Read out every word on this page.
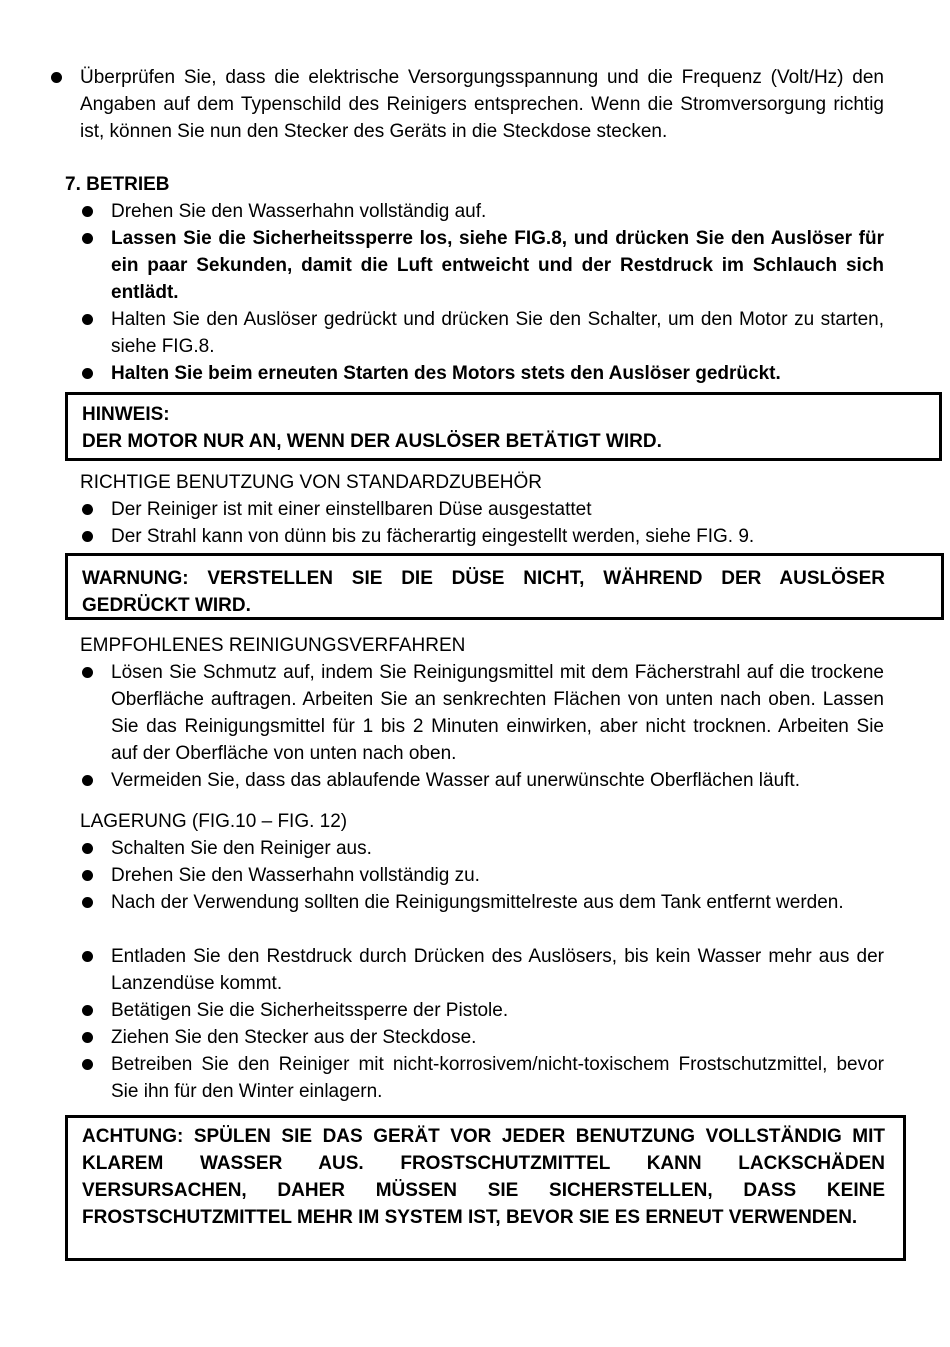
Überprüfen Sie, dass die elektrische Versorgungsspannung und die Frequenz (Volt/Hz) den Angaben auf dem Typenschild des Reinigers entsprechen. Wenn die Stromversorgung richtig ist, können Sie nun den Stecker des Geräts in die Steckdose stecken.
7. BETRIEB
Drehen Sie den Wasserhahn vollständig auf.
Lassen Sie die Sicherheitssperre los, siehe FIG.8, und drücken Sie den Auslöser für ein paar Sekunden, damit die Luft entweicht und der Restdruck im Schlauch sich entlädt.
Halten Sie den Auslöser gedrückt und drücken Sie den Schalter, um den Motor zu starten, siehe FIG.8.
Halten Sie beim erneuten Starten des Motors stets den Auslöser gedrückt.

HINWEIS:

DER MOTOR NUR AN, WENN DER AUSLÖSER BETÄTIGT WIRD.

RICHTIGE BENUTZUNG VON STANDARDZUBEHÖR
Der Reiniger ist mit einer einstellbaren Düse ausgestattet
Der Strahl kann von dünn bis zu fächerartig eingestellt werden, siehe FIG. 9.

WARNUNG: VERSTELLEN SIE DIE DÜSE NICHT, WÄHREND DER AUSLÖSER GEDRÜCKT WIRD.

EMPFOHLENES REINIGUNGSVERFAHREN
Lösen Sie Schmutz auf, indem Sie Reinigungsmittel mit dem Fächerstrahl auf die trockene Oberfläche auftragen. Arbeiten Sie an senkrechten Flächen von unten nach oben. Lassen Sie das Reinigungsmittel für 1 bis 2 Minuten einwirken, aber nicht trocknen. Arbeiten Sie auf der Oberfläche von unten nach oben.
Vermeiden Sie, dass das ablaufende Wasser auf unerwünschte Oberflächen läuft.
LAGERUNG (FIG.10 – FIG. 12)
Schalten Sie den Reiniger aus.
Drehen Sie den Wasserhahn vollständig zu.
Nach der Verwendung sollten die Reinigungsmittelreste aus dem Tank entfernt werden.
Entladen Sie den Restdruck durch Drücken des Auslösers, bis kein Wasser mehr aus der Lanzendüse kommt.
Betätigen Sie die Sicherheitssperre der Pistole.
Ziehen Sie den Stecker aus der Steckdose.
Betreiben Sie den Reiniger mit nicht-korrosivem/nicht-toxischem Frostschutzmittel, bevor Sie ihn für den Winter einlagern.

ACHTUNG: SPÜLEN SIE DAS GERÄT VOR JEDER BENUTZUNG VOLLSTÄNDIG MIT KLAREM WASSER AUS. FROSTSCHUTZMITTEL KANN LACKSCHÄDEN VERSURSACHEN, DAHER MÜSSEN SIE SICHERSTELLEN, DASS KEINE FROSTSCHUTZMITTEL MEHR IM SYSTEM IST, BEVOR SIE ES ERNEUT VERWENDEN.
